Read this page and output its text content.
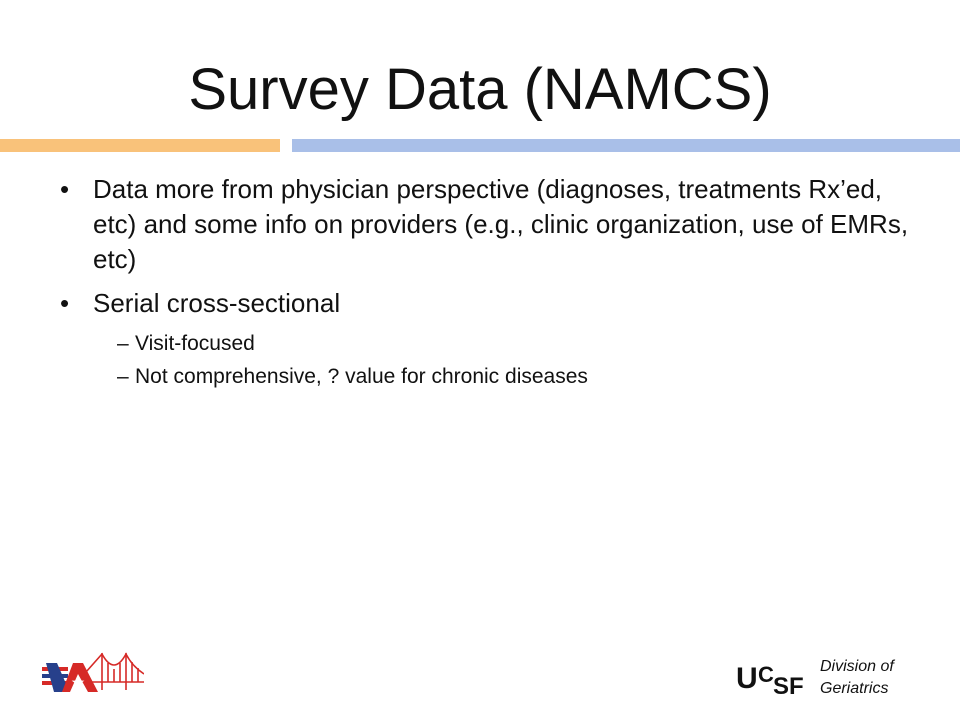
Survey Data (NAMCS)
• Data more from physician perspective (diagnoses, treatments Rx’ed, etc) and some info on providers (e.g., clinic organization, use of EMRs, etc)
• Serial cross-sectional
– Visit-focused
– Not comprehensive, ? value for chronic diseases
U C SF
Division of
Geriatrics
